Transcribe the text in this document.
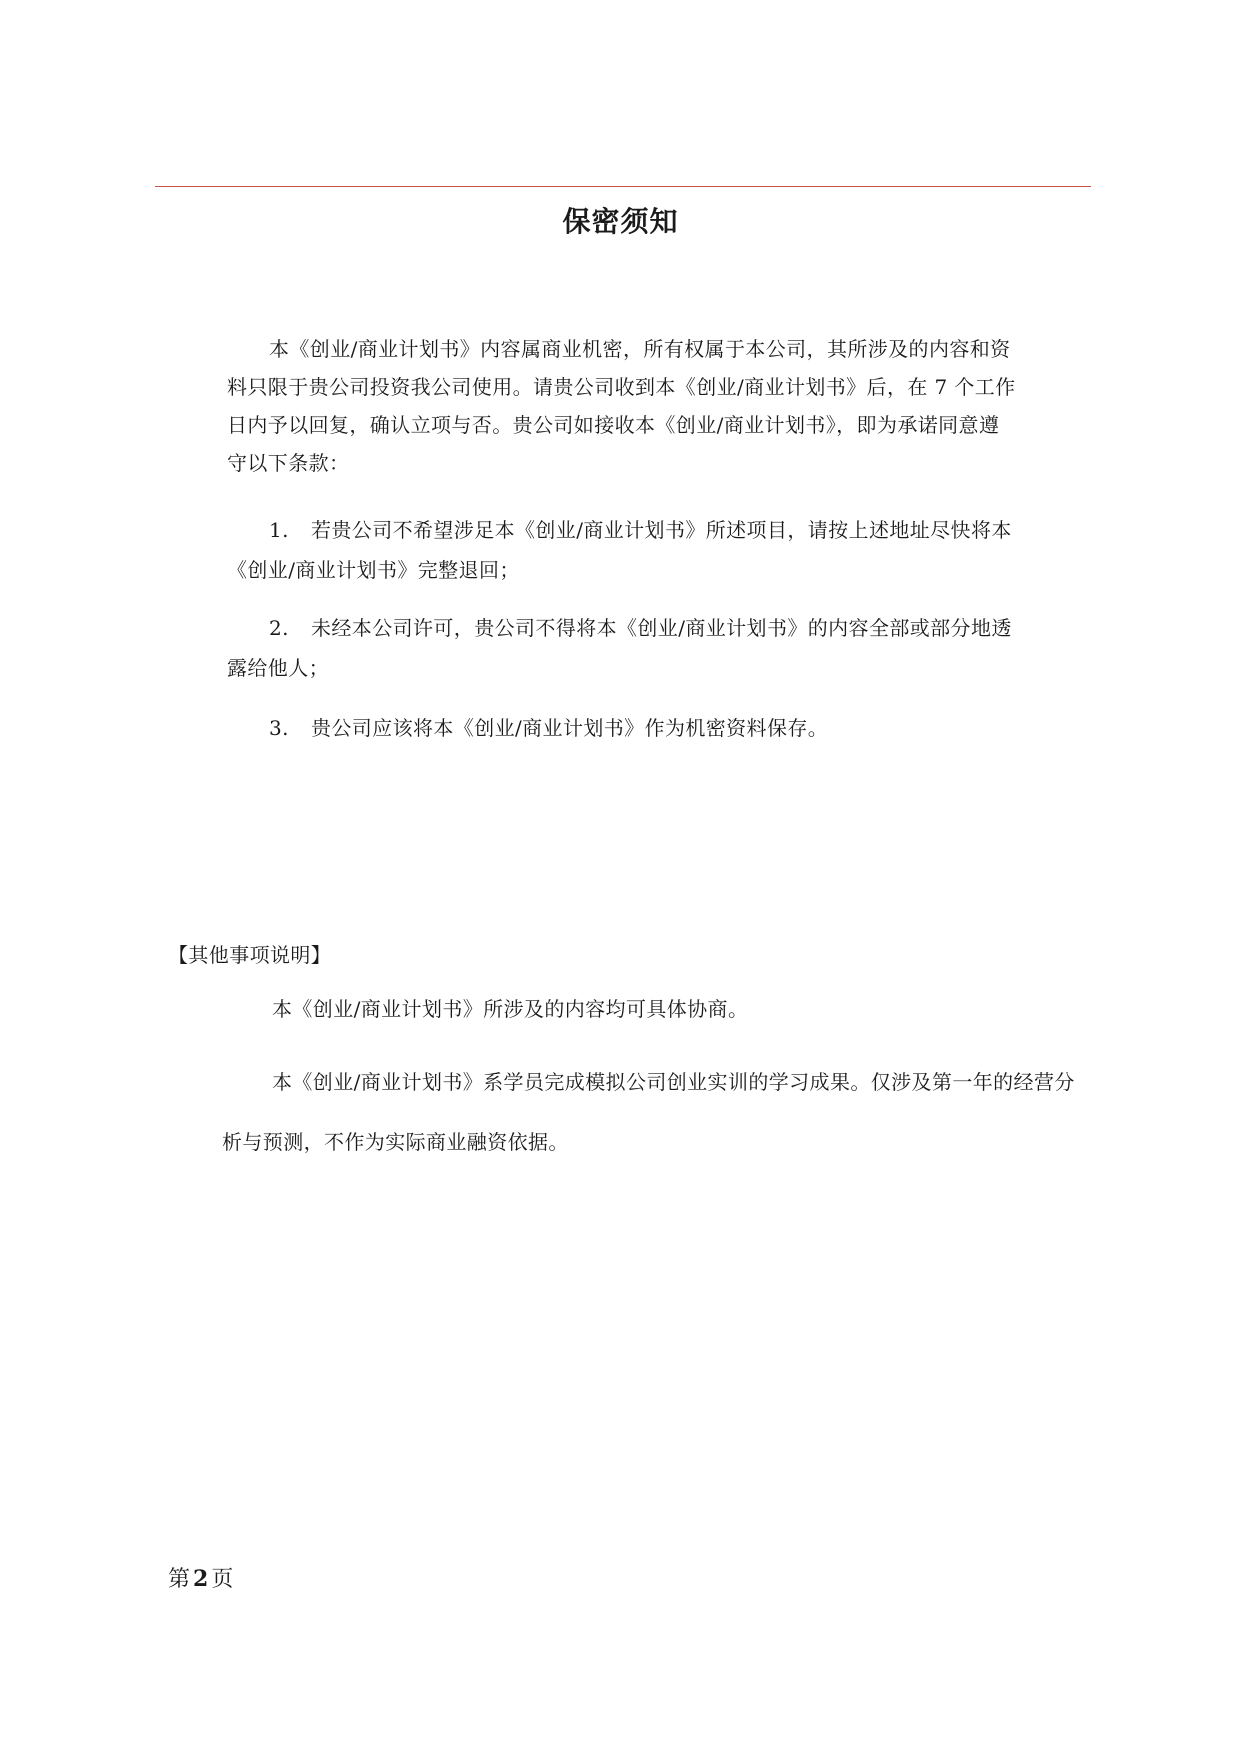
保密须知
本《创业/商业计划书》内容属商业机密，所有权属于本公司，其所涉及的内容和资料只限于贵公司投资我公司使用。请贵公司收到本《创业/商业计划书》后，在 7 个工作日内予以回复，确认立项与否。贵公司如接收本《创业/商业计划书》，即为承诺同意遵守以下条款：
1. 若贵公司不希望涉足本《创业/商业计划书》所述项目，请按上述地址尽快将本《创业/商业计划书》完整退回；
2. 未经本公司许可，贵公司不得将本《创业/商业计划书》的内容全部或部分地透露给他人；
3. 贵公司应该将本《创业/商业计划书》作为机密资料保存。
【其他事项说明】
本《创业/商业计划书》所涉及的内容均可具体协商。
本《创业/商业计划书》系学员完成模拟公司创业实训的学习成果。仅涉及第一年的经营分析与预测，不作为实际商业融资依据。
第 2 页
